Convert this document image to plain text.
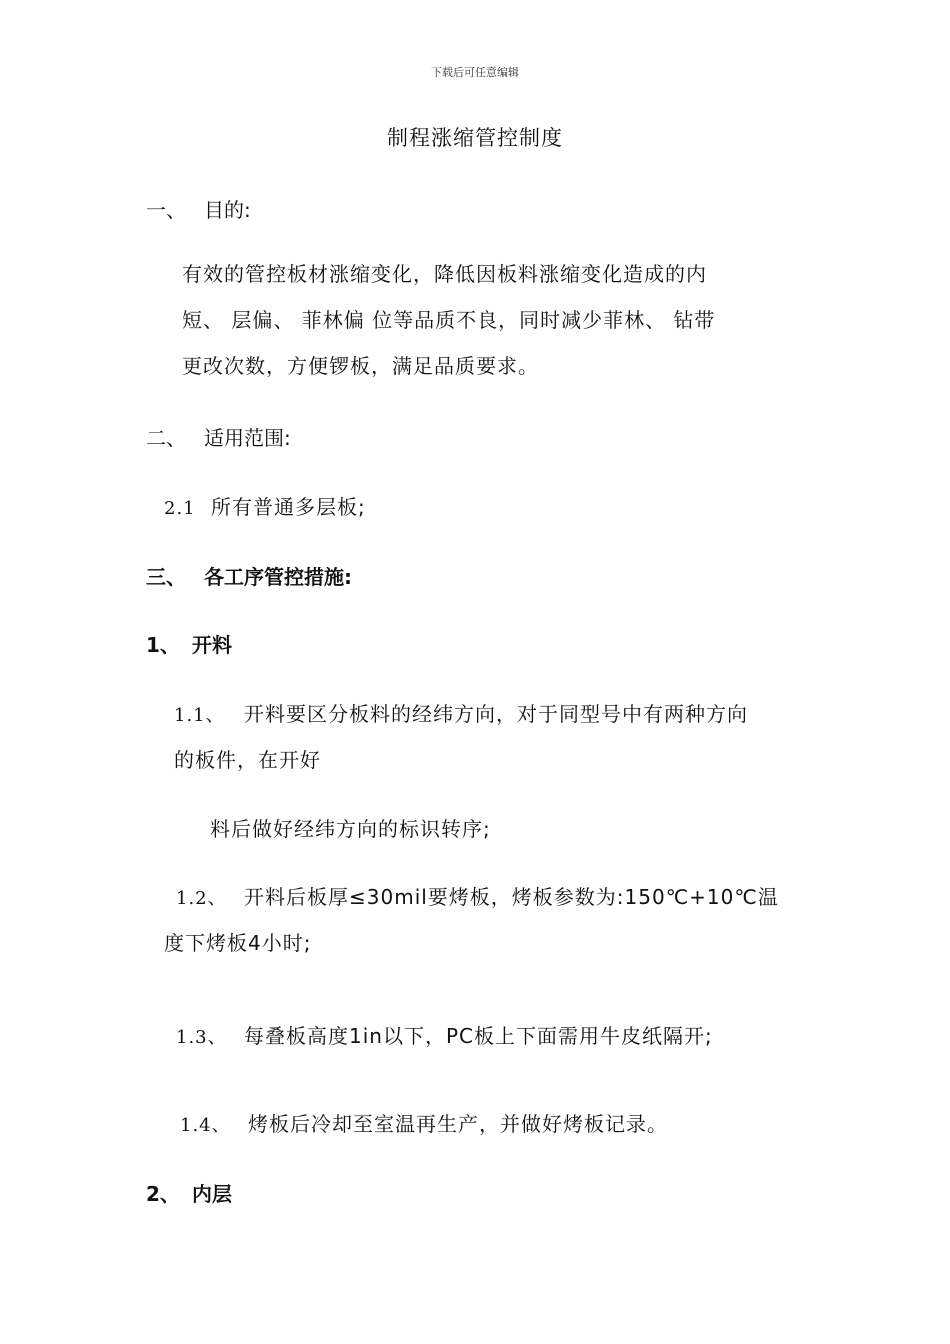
下载后可任意编辑
制程涨缩管控制度
一、 目的:
有效的管控板材涨缩变化，降低因板料涨缩变化造成的内
短、 层偏、 菲林偏 位等品质不良，同时减少菲林、 钻带
更改次数，方便锣板，满足品质要求。
二、 适用范围:
2.1 所有普通多层板;
三、 各工序管控措施:
1、 开料
1.1、 开料要区分板料的经纬方向，对于同型号中有两种方向
的板件，在开好
料后做好经纬方向的标识转序;
1.2、 开料后板厚≤30mil要烤板，烤板参数为:150℃+10℃温
度下烤板4小时;
1.3、 每叠板高度1in以下，PC板上下面需用牛皮纸隔开;
1.4、 烤板后冷却至室温再生产，并做好烤板记录。
2、 内层
